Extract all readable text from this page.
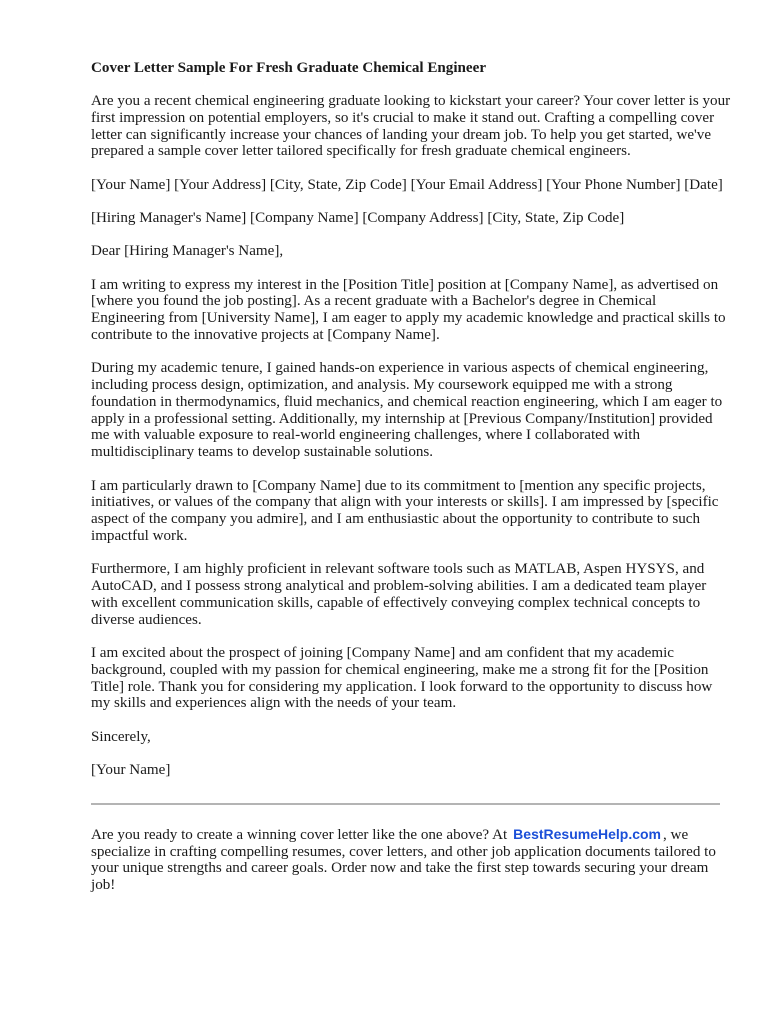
Cover Letter Sample For Fresh Graduate Chemical Engineer

Are you a recent chemical engineering graduate looking to kickstart your career? Your cover letter is your first impression on potential employers, so it's crucial to make it stand out. Crafting a compelling cover letter can significantly increase your chances of landing your dream job. To help you get started, we've prepared a sample cover letter tailored specifically for fresh graduate chemical engineers.

[Your Name] [Your Address] [City, State, Zip Code] [Your Email Address] [Your Phone Number] [Date]

[Hiring Manager's Name] [Company Name] [Company Address] [City, State, Zip Code]

Dear [Hiring Manager's Name],

I am writing to express my interest in the [Position Title] position at [Company Name], as advertised on [where you found the job posting]. As a recent graduate with a Bachelor's degree in Chemical Engineering from [University Name], I am eager to apply my academic knowledge and practical skills to contribute to the innovative projects at [Company Name].

During my academic tenure, I gained hands-on experience in various aspects of chemical engineering, including process design, optimization, and analysis. My coursework equipped me with a strong foundation in thermodynamics, fluid mechanics, and chemical reaction engineering, which I am eager to apply in a professional setting. Additionally, my internship at [Previous Company/Institution] provided me with valuable exposure to real-world engineering challenges, where I collaborated with multidisciplinary teams to develop sustainable solutions.

I am particularly drawn to [Company Name] due to its commitment to [mention any specific projects, initiatives, or values of the company that align with your interests or skills]. I am impressed by [specific aspect of the company you admire], and I am enthusiastic about the opportunity to contribute to such impactful work.

Furthermore, I am highly proficient in relevant software tools such as MATLAB, Aspen HYSYS, and AutoCAD, and I possess strong analytical and problem-solving abilities. I am a dedicated team player with excellent communication skills, capable of effectively conveying complex technical concepts to diverse audiences.

I am excited about the prospect of joining [Company Name] and am confident that my academic background, coupled with my passion for chemical engineering, make me a strong fit for the [Position Title] role. Thank you for considering my application. I look forward to the opportunity to discuss how my skills and experiences align with the needs of your team.

Sincerely,

[Your Name]

Are you ready to create a winning cover letter like the one above? At BestResumeHelp.com , we specialize in crafting compelling resumes, cover letters, and other job application documents tailored to your unique strengths and career goals. Order now and take the first step towards securing your dream job!
